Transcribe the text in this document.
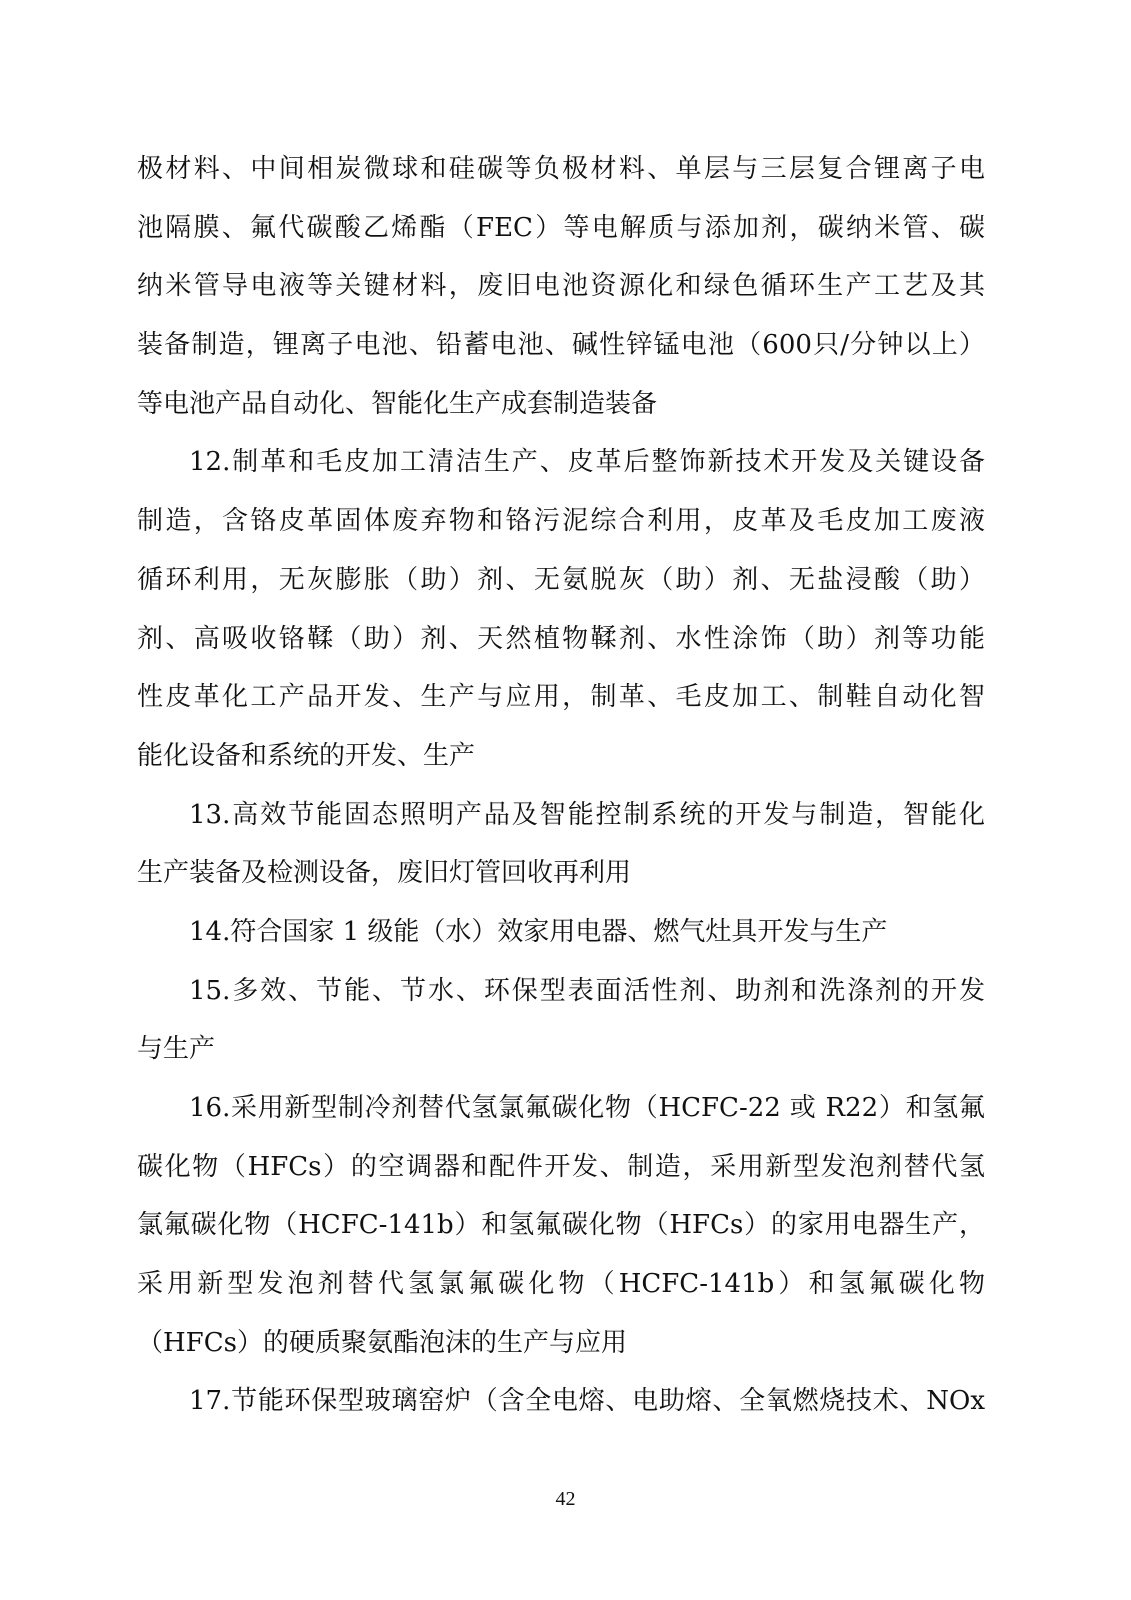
极材料、中间相炭微球和硅碳等负极材料、单层与三层复合锂离子电
池隔膜、氟代碳酸乙烯酯（FEC）等电解质与添加剂，碳纳米管、碳
纳米管导电液等关键材料，废旧电池资源化和绿色循环生产工艺及其
装备制造，锂离子电池、铅蓄电池、碱性锌锰电池（600只/分钟以上）
等电池产品自动化、智能化生产成套制造装备
12.制革和毛皮加工清洁生产、皮革后整饰新技术开发及关键设备
制造，含铬皮革固体废弃物和铬污泥综合利用，皮革及毛皮加工废液
循环利用，无灰膨胀（助）剂、无氨脱灰（助）剂、无盐浸酸（助）
剂、高吸收铬鞣（助）剂、天然植物鞣剂、水性涂饰（助）剂等功能
性皮革化工产品开发、生产与应用，制革、毛皮加工、制鞋自动化智
能化设备和系统的开发、生产
13.高效节能固态照明产品及智能控制系统的开发与制造，智能化
生产装备及检测设备，废旧灯管回收再利用
14.符合国家 1 级能（水）效家用电器、燃气灶具开发与生产
15.多效、节能、节水、环保型表面活性剂、助剂和洗涤剂的开发
与生产
16.采用新型制冷剂替代氢氯氟碳化物（HCFC-22 或 R22）和氢氟
碳化物（HFCs）的空调器和配件开发、制造，采用新型发泡剂替代氢
氯氟碳化物（HCFC-141b）和氢氟碳化物（HFCs）的家用电器生产，
采用新型发泡剂替代氢氯氟碳化物（HCFC-141b）和氢氟碳化物
（HFCs）的硬质聚氨酯泡沫的生产与应用
17.节能环保型玻璃窑炉（含全电熔、电助熔、全氧燃烧技术、NOx
42
